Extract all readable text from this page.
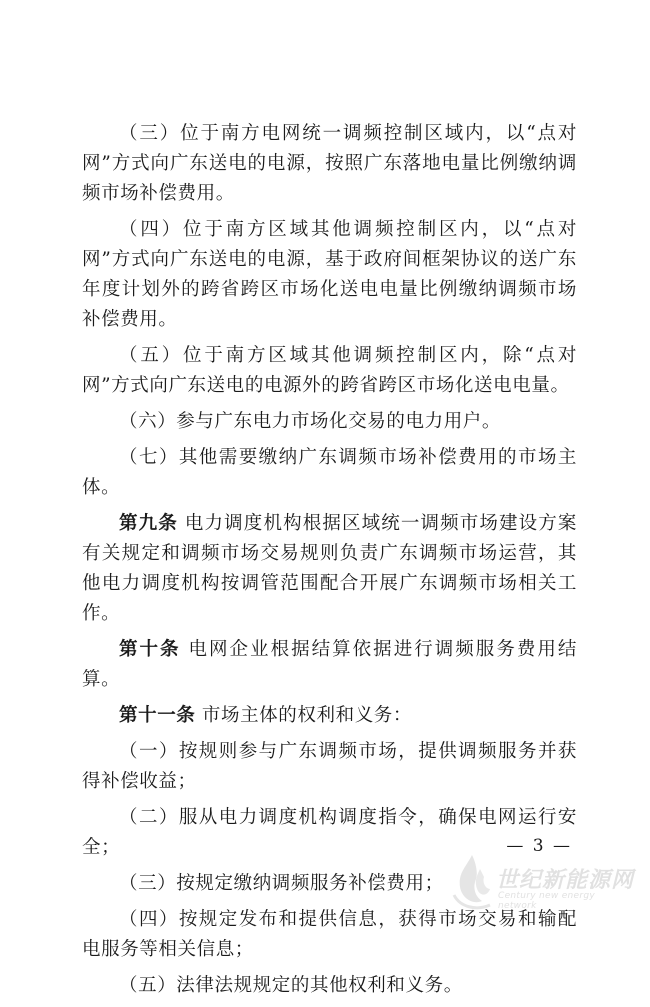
（三）位于南方电网统一调频控制区域内，以“点对网”方式向广东送电的电源，按照广东落地电量比例缴纳调频市场补偿费用。

（四）位于南方区域其他调频控制区内，以“点对网”方式向广东送电的电源，基于政府间框架协议的送广东年度计划外的跨省跨区市场化送电电量比例缴纳调频市场补偿费用。

（五）位于南方区域其他调频控制区内，除“点对网”方式向广东送电的电源外的跨省跨区市场化送电电量。

（六）参与广东电力市场化交易的电力用户。

（七）其他需要缴纳广东调频市场补偿费用的市场主体。

第九条 电力调度机构根据区域统一调频市场建设方案有关规定和调频市场交易规则负责广东调频市场运营，其他电力调度机构按调管范围配合开展广东调频市场相关工作。

第十条 电网企业根据结算依据进行调频服务费用结算。

第十一条 市场主体的权利和义务：

（一）按规则参与广东调频市场，提供调频服务并获得补偿收益；

（二）服从电力调度机构调度指令，确保电网运行安全；

（三）按规定缴纳调频服务补偿费用；

（四）按规定发布和提供信息，获得市场交易和输配电服务等相关信息；

（五）法律法规规定的其他权利和义务。

— 3 —
世纪新能源网
Century new energy network
